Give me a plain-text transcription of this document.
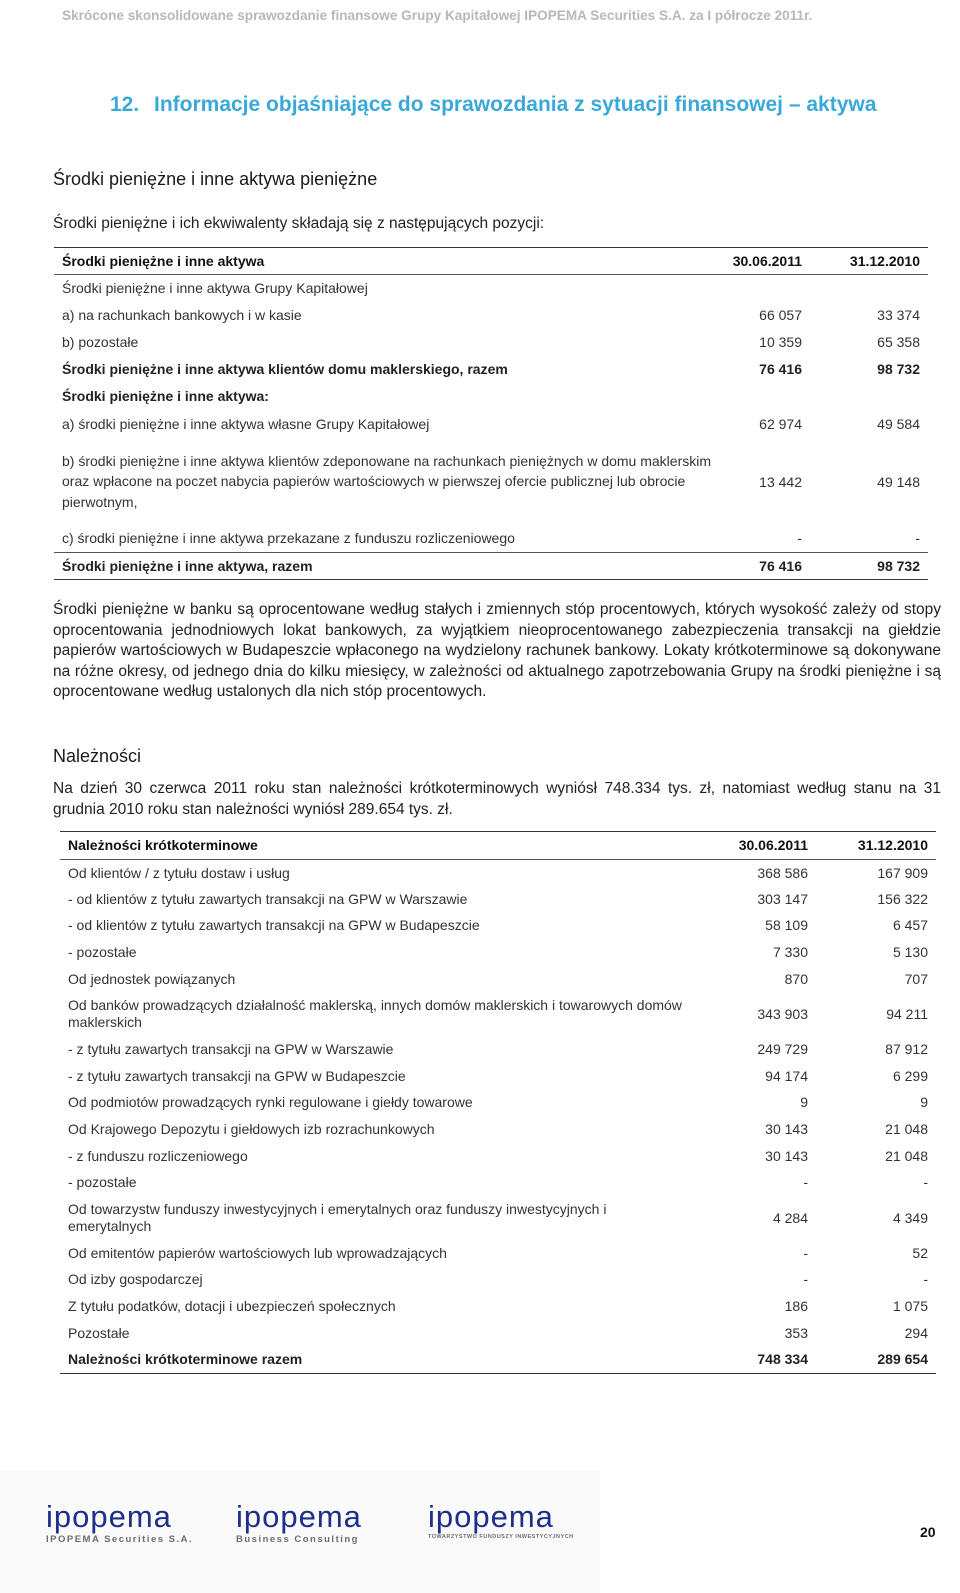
Skrócone skonsolidowane sprawozdanie finansowe Grupy Kapitałowej IPOPEMA Securities S.A. za I półrocze 2011r.
12. Informacje objaśniające do sprawozdania z sytuacji finansowej – aktywa
Środki pieniężne i inne aktywa pieniężne
Środki pieniężne i ich ekwiwalenty składają się z następujących pozycji:
Środki pieniężne i inne aktywa	30.06.2011	31.12.2010
Środki pieniężne i inne aktywa Grupy Kapitałowej		
a) na rachunkach bankowych i w kasie	66 057	33 374
b) pozostałe	10 359	65 358
Środki pieniężne i inne aktywa klientów domu maklerskiego, razem	76 416	98 732
Środki pieniężne i inne aktywa:		
a) środki pieniężne i inne aktywa własne Grupy Kapitałowej	62 974	49 584
b) środki pieniężne i inne aktywa klientów zdeponowane na rachunkach pieniężnych w domu maklerskim oraz wpłacone na poczet nabycia papierów wartościowych w pierwszej ofercie publicznej lub obrocie pierwotnym,	13 442	49 148
c) środki pieniężne i inne aktywa przekazane z funduszu rozliczeniowego	-	-
Środki pieniężne i inne aktywa, razem	76 416	98 732
Środki pieniężne w banku są oprocentowane według stałych i zmiennych stóp procentowych, których wysokość zależy od stopy oprocentowania jednodniowych lokat bankowych, za wyjątkiem nieoprocentowanego zabezpieczenia transakcji na giełdzie papierów wartościowych w Budapeszcie wpłaconego na wydzielony rachunek bankowy. Lokaty krótkoterminowe są dokonywane na różne okresy, od jednego dnia do kilku miesięcy, w zależności od aktualnego zapotrzebowania Grupy na środki pieniężne i są oprocentowane według ustalonych dla nich stóp procentowych.
Należności
Na dzień 30 czerwca 2011 roku stan należności krótkoterminowych wyniósł 748.334 tys. zł, natomiast według stanu na 31 grudnia 2010 roku stan należności wyniósł 289.654 tys. zł.
Należności krótkoterminowe	30.06.2011	31.12.2010
Od klientów / z tytułu dostaw i usług	368 586	167 909
- od klientów z tytułu zawartych transakcji na GPW w Warszawie	303 147	156 322
- od klientów z tytułu zawartych transakcji na GPW w Budapeszcie	58 109	6 457
- pozostałe	7 330	5 130
Od jednostek powiązanych	870	707
Od banków prowadzących działalność maklerską, innych domów maklerskich i towarowych domów maklerskich	343 903	94 211
- z tytułu zawartych transakcji na GPW w Warszawie	249 729	87 912
- z tytułu zawartych transakcji na GPW w Budapeszcie	94 174	6 299
Od podmiotów prowadzących rynki regulowane i giełdy towarowe	9	9
Od Krajowego Depozytu i giełdowych izb rozrachunkowych	30 143	21 048
- z funduszu rozliczeniowego	30 143	21 048
- pozostałe	-	-
Od towarzystw funduszy inwestycyjnych i emerytalnych oraz funduszy inwestycyjnych i emerytalnych	4 284	4 349
Od emitentów papierów wartościowych lub wprowadzających	-	52
Od izby gospodarczej	-	-
Z tytułu podatków, dotacji i ubezpieczeń społecznych	186	1 075
Pozostałe	353	294
Należności krótkoterminowe razem	748 334	289 654
ipopema
IPOPEMA Securities S.A.
ipopema
Business Consulting
ipopema
TOWARZYSTWO FUNDUSZY INWESTYCYJNYCH	20
